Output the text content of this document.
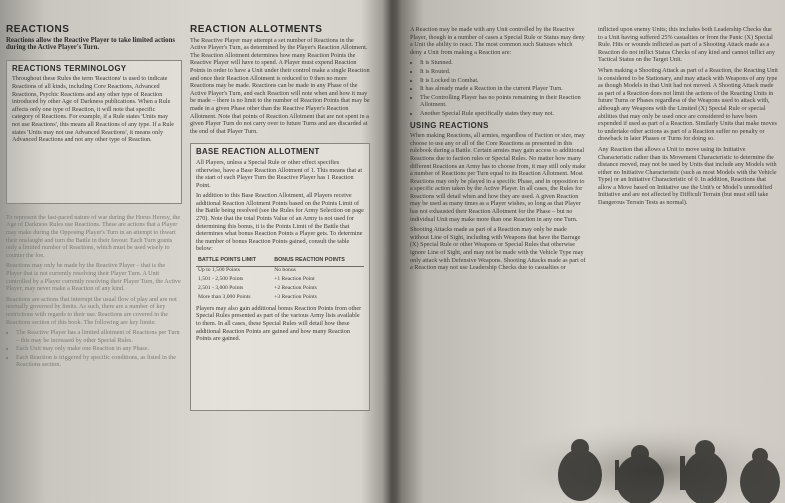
REACTIONS

Reactions allow the Reactive Player to take limited actions during the Active Player's Turn.

REACTIONS TERMINOLOGY

Throughout these Rules the term 'Reactions' is used to indicate Reactions of all kinds, including Core Reactions, Advanced Reactions, Psychic Reactions and any other type of Reaction introduced by other Age of Darkness publications. When a Rule affects only one type of Reaction, it will note that specific category of Reactions. For example, if a Rule states 'Units may not use Reactions', this means all Reactions of any type. If a Rule states 'Units may not use Advanced Reactions', it means only Advanced Reactions and not any other type of Reaction.

To represent the fast-paced nature of war during the Horus Heresy, the Age of Darkness Rules use Reactions. These are actions that a Player may make during the Opposing Player's Turn in an attempt to thwart their onslaught and turn the Battle in their favour. Each Turn grants only a limited number of Reactions, which must be used wisely to counter the foe.

Reactions may only be made by the Reactive Player – that is the Player that is not currently resolving their Player Turn. A Unit controlled by a Player currently resolving their Player Turn, the Active Player, may never make a Reaction of any kind.

Reactions are actions that interrupt the usual flow of play and are not normally governed by limits. As such, there are a number of key restrictions with regards to their use. Reactions are covered in the Reactions section of this book. The following are key limits:

• The Reactive Player has a limited allotment of Reactions per Turn – this may be increased by other Special Rules.
• Each Unit may only make one Reaction in any Phase.
• Each Reaction is triggered by specific conditions, as listed in the Reactions section.
REACTION ALLOTMENTS

The Reactive Player may attempt a set number of Reactions in the Active Player's Turn, as determined by the Player's Reaction Allotment. The Reaction Allotment determines how many Reaction Points the Reactive Player will have to spend. A Player must expend Reaction Points in order to have a Unit under their control make a single Reaction and once their Reaction Allotment is reduced to 0 then no more Reactions may be made. Reactions can be made in any Phase of the Active Player's Turn, and each Reaction will note when and how it may be made – there is no limit to the number of Reaction Points that may be made in a given Phase other than the Reactive Player's Reaction Allotment. Note that points of Reaction Allotment that are not spent in a given Player Turn do not carry over to future Turns and are discarded at the end of that Player Turn.

BASE REACTION ALLOTMENT

All Players, unless a Special Rule or other effect specifies otherwise, have a Base Reaction Allotment of 1. This means that at the start of each Player Turn the Reactive Player has 1 Reaction Point.

In addition to this Base Reaction Allotment, all Players receive additional Reaction Allotment Points based on the Points Limit of the Battle being resolved (see the Rules for Army Selection on page 270). Note that the total Points Value of an Army is not used for determining this bonus, it is the Points Limit of the Battle that determines what bonus Reaction Points a Player gets. To determine the number of bonus Reaction Points gained, consult the table below:

BATTLE POINTS LIMIT	BONUS REACTION POINTS
Up to 1,500 Points	No bonus
1,501 - 2,500 Points	+1 Reaction Point
2,501 - 3,000 Points	+2 Reaction Points
More than 3,000 Points	+3 Reaction Points

Players may also gain additional bonus Reaction Points from other Special Rules presented as part of the various Army lists available to them. In all cases, these Special Rules will detail how these additional Reaction Points are gained and how many Reaction Points are gained.

A Reaction may be made with any Unit controlled by the Reactive Player, though in a number of cases a Special Rule or Status may deny a Unit the ability to react. The most common such Statuses which deny a Unit from making a Reaction are:

• It is Stunned.
• It is Routed.
• It is Locked in Combat.
• It has already made a Reaction in the current Player Turn.
• The Controlling Player has no points remaining in their Reaction Allotment.
• Another Special Rule specifically states they may not.
USING REACTIONS

When making Reactions, all armies, regardless of Faction or size, may choose to use any or all of the Core Reactions as presented in this rulebook during a Battle. Certain armies may gain access to additional Reactions due to faction rules or Special Rules. No matter how many different Reactions an Army has to choose from, it may still only make a number of Reactions per Turn equal to its Reaction Allotment. Most Reactions may only be played in a specific Phase, and in opposition to a specific action taken by the Active Player. In all cases, the Rules for Reactions will detail when and how they are used. A given Reaction may be used as many times as a Player wishes, so long as that Player has not exhausted their Reaction Allotment for the Phase – but no individual Unit may make more than one Reaction in any one Turn.

Shooting Attacks made as part of a Reaction may only be made without Line of Sight, including with Weapons that have the Barrage (X) Special Rule or other Weapons or Special Rules that otherwise ignore Line of Sight, and may not be made with the Vehicle Type may only attack with Defensive Weapons. Shooting Attacks made as part of a Reaction may not use Leadership Checks due to casualties or

inflicted upon enemy Units; this includes both Leadership Checks due to a Unit having suffered 25% casualties or from the Panic (X) Special Rule. Hits or wounds inflicted as part of a Shooting Attack made as a Reaction do not inflict Status Checks of any kind and cannot inflict any Tactical Status on the Target Unit.

When making a Shooting Attack as part of a Reaction, the Reacting Unit is considered to be Stationary, and may attack with Weapons of any type as though Models in that Unit had not moved. A Shooting Attack made as part of a Reaction does not limit the actions of the Reacting Units in future Turns or Phases regardless of the Weapons used to attack with, although any Weapons with the Limited (X) Special Rule or special abilities that may only be used once are considered to have been expended if used as part of a Reaction. Similarly Units that make moves to undertake other actions as part of a Reaction suffer no penalty or drawback in later Phases or Turns for doing so.

Any Reaction that allows a Unit to move using its Initiative Characteristic rather than its Movement Characteristic to determine the distance moved, may not be used by Units that include any Models with either no Initiative Characteristic (such as most Models with the Vehicle Type) or an Initiative Characteristic of 0. In addition, Reactions that allow a Move based on Initiative use the Unit's or Model's unmodified Initiative and are not affected by Difficult Terrain (but must still take Dangerous Terrain Tests as normal).
